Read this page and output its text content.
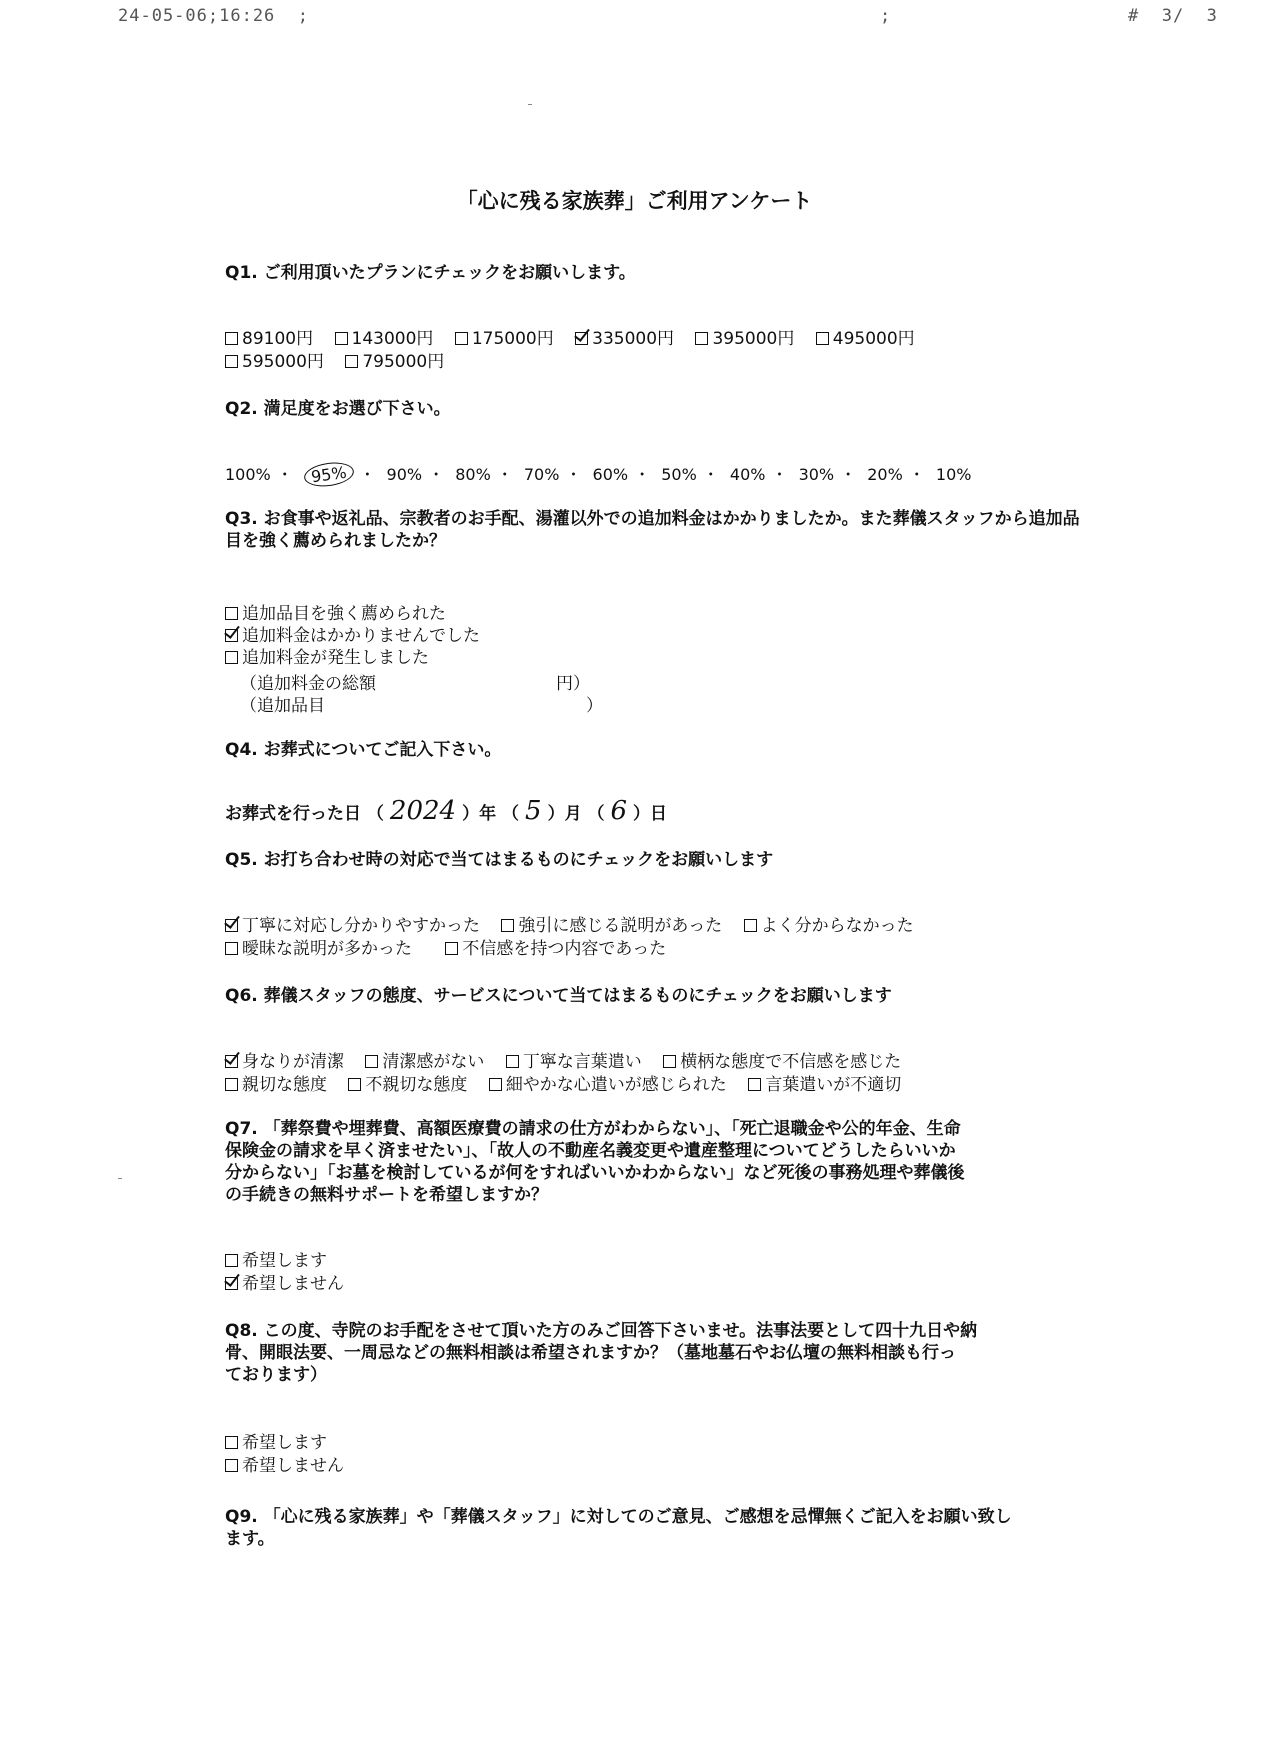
24-05-06;16:26  ;	;	#  3/  3
「心に残る家族葬」ご利用アンケート
Q1. ご利用頂いたプランにチェックをお願いします。
89100円 143000円 175000円 335000円 395000円 495000円
595000円 795000円
Q2. 満足度をお選び下さい。
100% ・ 95% ・ 90% ・ 80% ・ 70% ・ 60% ・ 50% ・ 40% ・ 30% ・ 20% ・ 10%
Q3. お食事や返礼品、宗教者のお手配、湯灌以外での追加料金はかかりましたか。また葬儀スタッフから追加品目を強く薦められましたか？
追加品目を強く薦められた
追加料金はかかりませんでした
追加料金が発生しました
（追加料金の総額	円）
（追加品目	）
Q4. お葬式についてご記入下さい。
お葬式を行った日 （ 2024 ）年 （ 5 ）月 （ 6 ）日
Q5. お打ち合わせ時の対応で当てはまるものにチェックをお願いします
丁寧に対応し分かりやすかった 強引に感じる説明があった よく分からなかった
曖昧な説明が多かった	不信感を持つ内容であった
Q6. 葬儀スタッフの態度、サービスについて当てはまるものにチェックをお願いします
身なりが清潔 清潔感がない 丁寧な言葉遣い 横柄な態度で不信感を感じた
親切な態度 不親切な態度 細やかな心遣いが感じられた 言葉遣いが不適切
Q7. 「葬祭費や埋葬費、高額医療費の請求の仕方がわからない」、「死亡退職金や公的年金、生命
保険金の請求を早く済ませたい」、「故人の不動産名義変更や遺産整理についてどうしたらいいか
分からない」「お墓を検討しているが何をすればいいかわからない」など死後の事務処理や葬儀後
の手続きの無料サポートを希望しますか？
希望します
希望しません
Q8. この度、寺院のお手配をさせて頂いた方のみご回答下さいませ。法事法要として四十九日や納
骨、開眼法要、一周忌などの無料相談は希望されますか？（墓地墓石やお仏壇の無料相談も行っ
ております）
希望します
希望しません
Q9. 「心に残る家族葬」や「葬儀スタッフ」に対してのご意見、ご感想を忌憚無くご記入をお願い致し
ます。
